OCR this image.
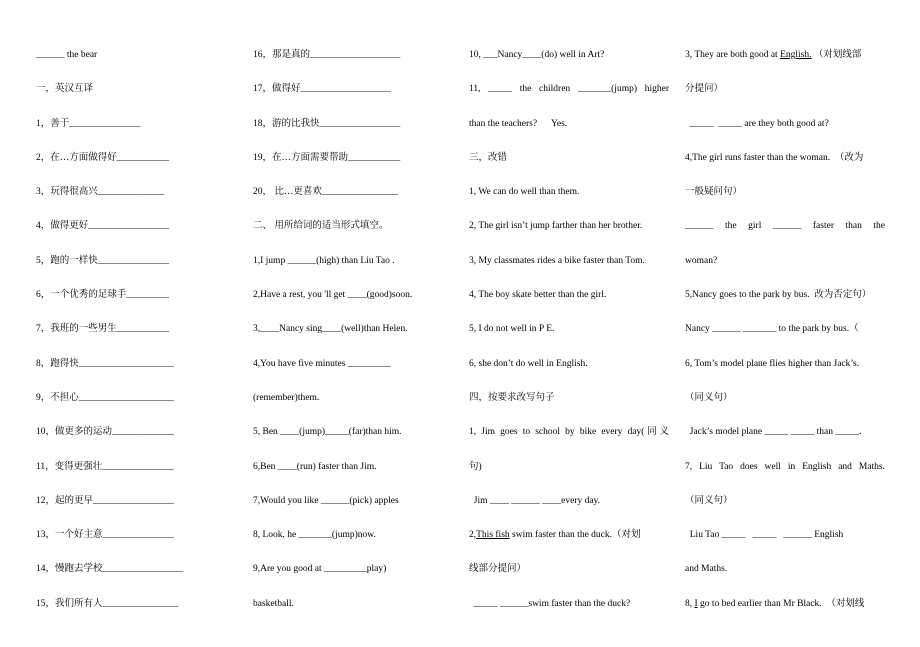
______ the bear
一，英汉互译
1，善于_______________
2，在…方面做得好___________
3，玩得很高兴______________
4，做得更好_________________
5，跑的一样快_______________
6，一个优秀的足球手_________
7，我班的一些男生___________
8，跑得快____________________
9，不担心____________________
10，做更多的运动_____________
11，变得更强壮_______________
12，起的更早_________________
13，一个好主意_______________
14，慢跑去学校_________________
15，我们所有人________________
16，那是真的___________________
17，做得好___________________
18，游的比我快_________________
19，在…方面需要帮助___________
20， 比…更喜欢________________
二、 用所给词的适当形式填空。
1,I jump ______(high) than Liu Tao .
2,Have a rest, you 'll get ____(good)soon.
3,____Nancy sing____(well)than Helen.
4,You have five minutes _________
(remember)them.
5, Ben ____(jump)_____(far)than him.
6,Ben ____(run) faster than Jim.
7,Would you like ______(pick) apples
8, Look, he _______(jump)now.
9,Are you good at _________play)
basketball.
10, ___Nancy____(do) well in Art?
11, _____ the children _______(jump) higher
than the teachers?      Yes.
三，改错
1, We can do well than them.
2, The girl isn’t jump farther than her brother.
3, My classmates rides a bike faster than Tom.
4, The boy skate better than the girl.
5, I do not well in P E.
6, she don’t do well in English.
四，按要求改写句子
1, Jim goes to school by bike every day(同义
句)
Jim ____ ______ ____every day.
2,This fish swim faster than the duck.（对划
线部分提问）
_____ ______swim faster than the duck?
3, They are both good at English. （对划线部
分提问）
_____  _____ are they both good at?
4,The girl runs faster than the woman.  （改为
一般疑问句）
______ the girl ______ faster than the
woman?
5,Nancy goes to the park by bus.  改为否定句）
Nancy ______ _______ to the park by bus.（
6, Tom’s model plane flies higher than Jack’s.
（同义句）
Jack’s model plane _____ _____ than _____.
7, Liu Tao does well in English and Maths.
（同义句）
Liu Tao _____   _____   ______ English
and Maths.
8, I go to bed earlier than Mr Black.  （对划线
